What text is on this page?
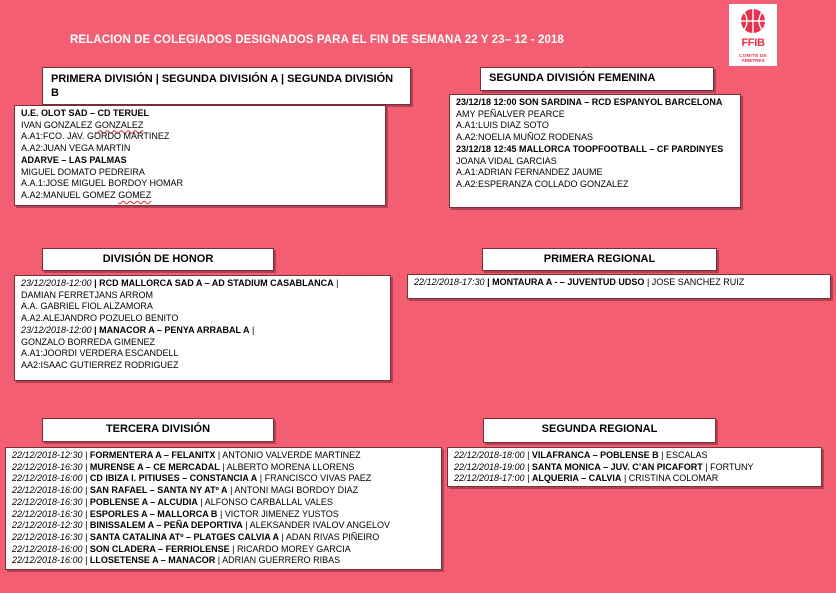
RELACION DE COLEGIADOS DESIGNADOS PARA EL FIN DE SEMANA 22 Y 23– 12 - 2018	FFIB
COMITÉ DE
ÁRBITRES
PRIMERA DIVISIÓN | SEGUNDA DIVISIÓN A | SEGUNDA DIVISIÓN
B
U.E. OLOT SAD – CD TERUEL
IVAN GONZALEZ GONZALEZ
A.A1:FCO. JAV. GORDO MARTINEZ
A.A2:JUAN VEGA MARTIN
ADARVE – LAS PALMAS
MIGUEL DOMATO PEDREIRA
A.A.1:JOSE MIGUEL BORDOY HOMAR
A.A2:MANUEL GOMEZ GOMEZ
SEGUNDA DIVISIÓN FEMENINA
23/12/18 12:00 SON SARDINA – RCD ESPANYOL BARCELONA
AMY PEÑALVER PEARCE
A.A1:LUIS DIAZ SOTO
A.A2:NOELIA MUÑOZ RODENAS
23/12/18 12:45 MALLORCA TOOPFOOTBALL – CF PARDINYES
JOANA VIDAL GARCIAS
A.A1:ADRIAN FERNANDEZ JAUME
A.A2:ESPERANZA COLLADO GONZALEZ
DIVISIÓN DE HONOR
23/12/2018-12:00 | RCD MALLORCA SAD A – AD STADIUM CASABLANCA |
DAMIAN FERRETJANS ARROM
A.A. GABRIEL FIOL ALZAMORA
A.A2.ALEJANDRO POZUELO BENITO
23/12/2018-12:00 | MANACOR A – PENYA ARRABAL A |
GONZALO BORREDA GIMENEZ
A.A1:JOORDI VERDERA ESCANDELL
AA2:ISAAC GUTIERREZ RODRIGUEZ
PRIMERA REGIONAL
22/12/2018-17:30 | MONTAURA A - – JUVENTUD UDSO | JOSE SANCHEZ RUIZ
TERCERA DIVISIÓN
22/12/2018-12:30 | FORMENTERA A – FELANITX | ANTONIO VALVERDE MARTINEZ
22/12/2018-16:30 | MURENSE A – CE MERCADAL | ALBERTO MORENA LLORENS
22/12/2018-16:00 | CD IBIZA I. PITIUSES – CONSTANCIA A | FRANCISCO VIVAS PAEZ
22/12/2018-16:00 | SAN RAFAEL – SANTA NY ATº A | ANTONI MAGI BORDOY DIAZ
22/12/2018-16:30 | POBLENSE A – ALCUDIA | ALFONSO CARBALLAL VALES
22/12/2018-16:30 | ESPORLES A – MALLORCA B | VICTOR JIMENEZ YUSTOS
22/12/2018-12:30 | BINISSALEM A – PEÑA DEPORTIVA | ALEKSANDER IVALOV ANGELOV
22/12/2018-16:30 | SANTA CATALINA ATº – PLATGES CALVIA A | ADAN RIVAS PIÑEIRO
22/12/2018-16:00 | SON CLADERA – FERRIOLENSE | RICARDO MOREY GARCIA
22/12/2018-16:00 | LLOSETENSE A – MANACOR | ADRIAN GUERRERO RIBAS
SEGUNDA REGIONAL
22/12/2018-18:00 | VILAFRANCA – POBLENSE B | ESCALAS
22/12/2018-19:00 | SANTA MONICA – JUV. C’AN PICAFORT | FORTUNY
22/12/2018-17:00 | ALQUERIA – CALVIA | CRISTINA COLOMAR
